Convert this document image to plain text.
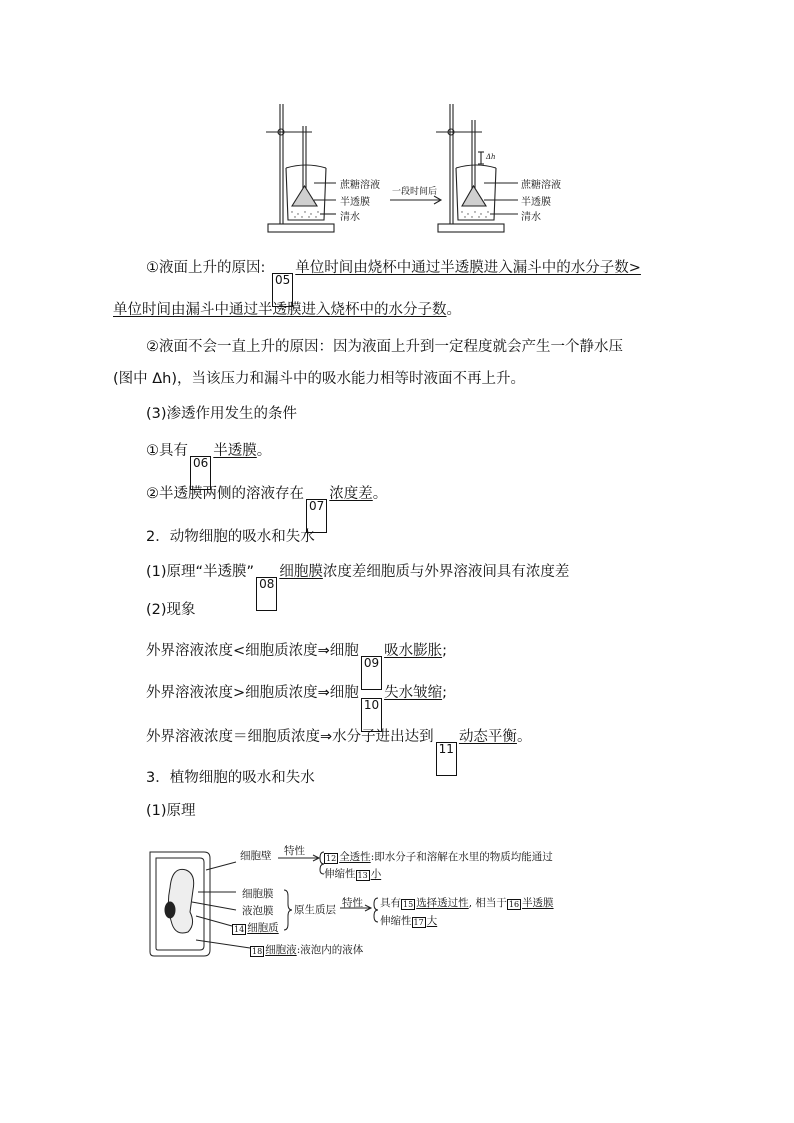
蔗糖溶液
半透膜
清水
一段时间后
蔗糖溶液
半透膜
清水
Δh
①液面上升的原因: 05单位时间由烧杯中通过半透膜进入漏斗中的水分子数>
单位时间由漏斗中通过半透膜进入烧杯中的水分子数。
②液面不会一直上升的原因：因为液面上升到一定程度就会产生一个静水压
(图中 Δh)，当该压力和漏斗中的吸水能力相等时液面不再上升。
(3)渗透作用发生的条件
①具有06半透膜。
②半透膜两侧的溶液存在07浓度差。
2．动物细胞的吸水和失水
(1)原理“半透膜”08细胞膜浓度差细胞质与外界溶液间具有浓度差
(2)现象
外界溶液浓度<细胞质浓度⇒细胞09吸水膨胀;
外界溶液浓度>细胞质浓度⇒细胞10失水皱缩;
外界溶液浓度＝细胞质浓度⇒水分子进出达到11动态平衡。
3．植物细胞的吸水和失水
(1)原理
细胞壁 特性
12 全透性:即水分子和溶解在水里的物质均能通过
伸缩性 13 小
细胞膜
液泡膜
14 细胞质
原生质层
特性 具有 15 选择透过性, 相当于 16 半透膜
伸缩性 17 大
18 细胞液:液泡内的液体
